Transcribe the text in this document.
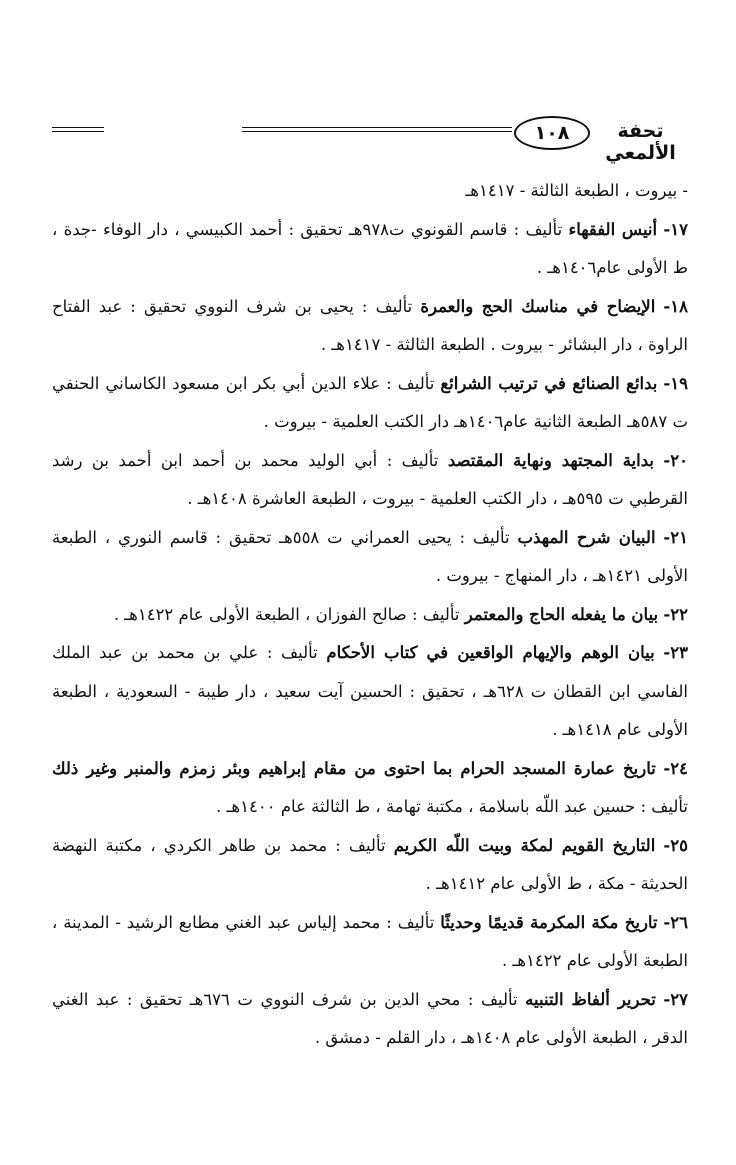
تحفة الألمعي
١٠٨

- بيروت ، الطبعة الثالثة - ١٤١٧هـ

١٧- أنيس الفقهاء تأليف : قاسم القونوي ت٩٧٨هـ تحقيق : أحمد الكبيسي ، دار الوفاء -جدة ، ط الأولى عام١٤٠٦هـ .

١٨- الإيضاح في مناسك الحج والعمرة تأليف : يحيى بن شرف النووي تحقيق : عبد الفتاح الراوة ، دار البشائر - بيروت . الطبعة الثالثة - ١٤١٧هـ .

١٩- بدائع الصنائع في ترتيب الشرائع تأليف : علاء الدين أبي بكر ابن مسعود الكاساني الحنفي ت ٥٨٧هـ الطبعة الثانية عام١٤٠٦هـ دار الكتب العلمية - بيروت .

٢٠- بداية المجتهد ونهاية المقتصد تأليف : أبي الوليد محمد بن أحمد ابن أحمد بن رشد القرطبي ت ٥٩٥هـ ، دار الكتب العلمية - بيروت ، الطبعة العاشرة ١٤٠٨هـ .

٢١- البيان شرح المهذب تأليف : يحيى العمراني ت ٥٥٨هـ تحقيق : قاسم النوري ، الطبعة الأولى ١٤٢١هـ ، دار المنهاج - بيروت .

٢٢- بيان ما يفعله الحاج والمعتمر تأليف : صالح الفوزان ، الطبعة الأولى عام ١٤٢٢هـ .

٢٣- بيان الوهم والإيهام الواقعين في كتاب الأحكام تأليف : علي بن محمد بن عبد الملك الفاسي ابن القطان ت ٦٢٨هـ ، تحقيق : الحسين آيت سعيد ، دار طيبة - السعودية ، الطبعة الأولى عام ١٤١٨هـ .

٢٤- تاريخ عمارة المسجد الحرام بما احتوى من مقام إبراهيم وبئر زمزم والمنبر وغير ذلك تأليف : حسين عبد اللّه باسلامة ، مكتبة تهامة ، ط الثالثة عام ١٤٠٠هـ .

٢٥- التاريخ القويم لمكة وبيت اللّه الكريم تأليف : محمد بن طاهر الكردي ، مكتبة النهضة الحديثة - مكة ، ط الأولى عام ١٤١٢هـ .

٢٦- تاريخ مكة المكرمة قديمًا وحديثًا تأليف : محمد إلياس عبد الغني مطابع الرشيد - المدينة ، الطبعة الأولى عام ١٤٢٢هـ .

٢٧- تحرير ألفاظ التنبيه تأليف : محي الدين بن شرف النووي ت ٦٧٦هـ تحقيق : عبد الغني الدقر ، الطبعة الأولى عام ١٤٠٨هـ ، دار القلم - دمشق .
